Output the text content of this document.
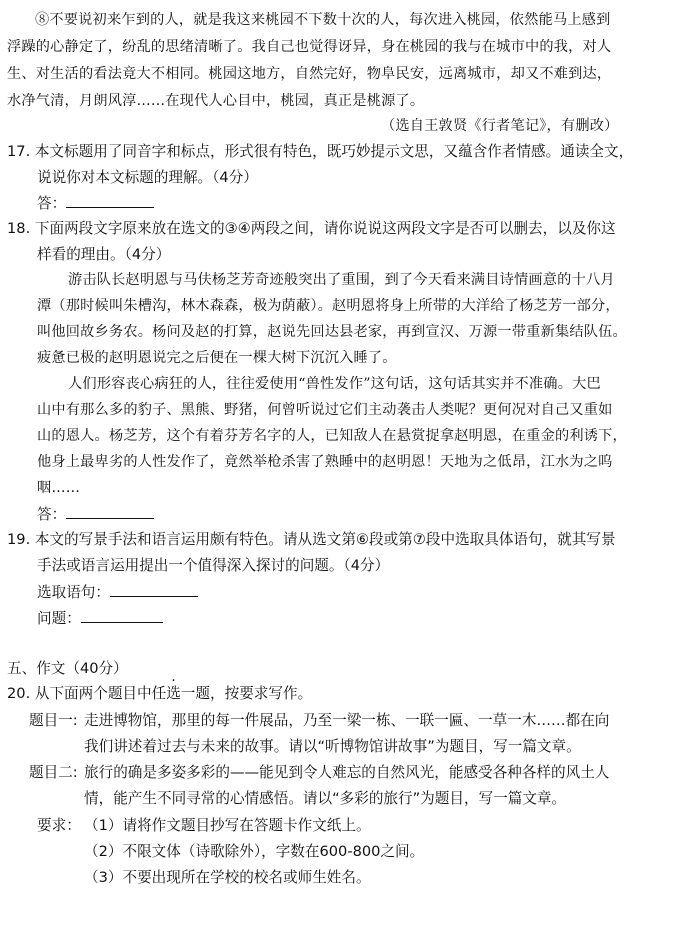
⑧不要说初来乍到的人，就是我这来桃园不下数十次的人，每次进入桃园，依然能马上感到
浮躁的心静定了，纷乱的思绪清晰了。我自己也觉得讶异，身在桃园的我与在城市中的我，对人
生、对生活的看法竟大不相同。桃园这地方，自然完好，物阜民安，远离城市，却又不难到达，
水净气清，月朗风淳……在现代人心目中，桃园，真正是桃源了。
（选自王敦贤《行者笔记》，有删改）
17. 本文标题用了同音字和标点，形式很有特色，既巧妙提示文思，又蕴含作者情感。通读全文，
说说你对本文标题的理解。（4分）
答：
18. 下面两段文字原来放在选文的③④两段之间，请你说说这两段文字是否可以删去，以及你这
样看的理由。（4分）
游击队长赵明恩与马伕杨芝芳奇迹般突出了重围，到了今天看来满目诗情画意的十八月
潭（那时候叫朱槽沟，林木森森，极为荫蔽）。赵明恩将身上所带的大洋给了杨芝芳一部分，
叫他回故乡务农。杨问及赵的打算，赵说先回达县老家，再到宣汉、万源一带重新集结队伍。
疲惫已极的赵明恩说完之后便在一棵大树下沉沉入睡了。
人们形容丧心病狂的人，往往爱使用“兽性发作”这句话，这句话其实并不准确。大巴
山中有那么多的豹子、黑熊、野猪，何曾听说过它们主动袭击人类呢？更何况对自己又重如
山的恩人。杨芝芳，这个有着芬芳名字的人，已知敌人在悬赏捉拿赵明恩，在重金的利诱下，
他身上最卑劣的人性发作了，竟然举枪杀害了熟睡中的赵明恩！天地为之低昂，江水为之呜
咽……
答：
19. 本文的写景手法和语言运用颇有特色。请从选文第⑥段或第⑦段中选取具体语句，就其写景
手法或语言运用提出一个值得深入探讨的问题。（4分）
选取语句：
问题：
五、作文（40分）
20. 从下面两个题目中任选一题，按要求写作。
题目一: 走进博物馆，那里的每一件展品，乃至一梁一栋、一联一匾、一草一木……都在向
我们讲述着过去与未来的故事。请以“听博物馆讲故事”为题目，写一篇文章。
题目二: 旅行的确是多姿多彩的——能见到令人难忘的自然风光，能感受各种各样的风土人
情，能产生不同寻常的心情感悟。请以“多彩的旅行”为题目，写一篇文章。
要求： （1）请将作文题目抄写在答题卡作文纸上。
（2）不限文体（诗歌除外），字数在600-800之间。
（3）不要出现所在学校的校名或师生姓名。
